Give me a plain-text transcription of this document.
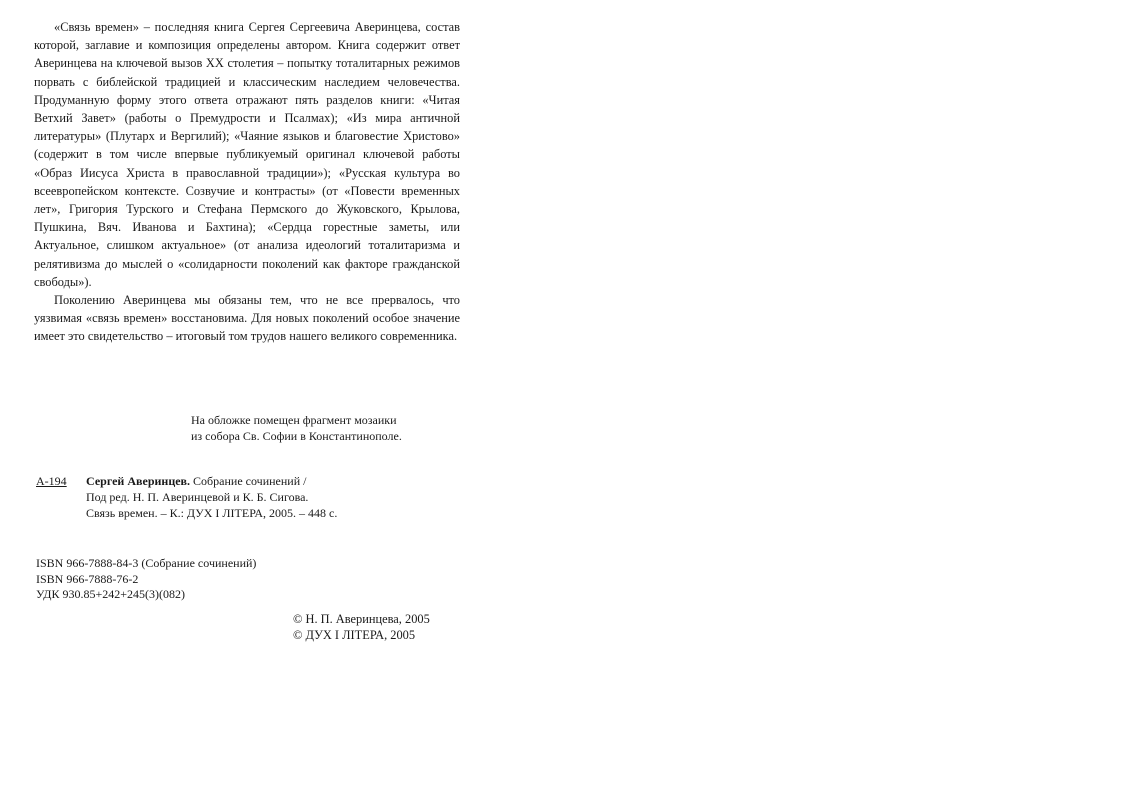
«Связь времен» – последняя книга Сергея Сергеевича Аверинцева, состав которой, заглавие и композиция определены автором. Книга содержит ответ Аверинцева на ключевой вызов XX столетия – попытку тоталитарных режимов порвать с библейской традицией и классическим наследием человечества. Продуманную форму этого ответа отражают пять разделов книги: «Читая Ветхий Завет» (работы о Премудрости и Псалмах); «Из мира античной литературы» (Плутарх и Вергилий); «Чаяние языков и благовестие Христово» (содержит в том числе впервые публикуемый оригинал ключевой работы «Образ Иисуса Христа в православной традиции»); «Русская культура во всеевропейском контексте. Созвучие и контрасты» (от «Повести временных лет», Григория Турского и Стефана Пермского до Жуковского, Крылова, Пушкина, Вяч. Иванова и Бахтина); «Сердца горестные заметы, или Актуальное, слишком актуальное» (от анализа идеологий тоталитаризма и релятивизма до мыслей о «солидарности поколений как факторе гражданской свободы»).

Поколению Аверинцева мы обязаны тем, что не все прервалось, что уязвимая «связь времен» восстановима. Для новых поколений особое значение имеет это свидетельство – итоговый том трудов нашего великого современника.

На обложке помещен фрагмент мозаики
из собора Св. Софии в Константинополе.
А-194 Сергей Аверинцев. Собрание сочинений /
Под ред. Н. П. Аверинцевой и К. Б. Сигова.
Связь времен. – К.: ДУХ І ЛІТЕРА, 2005. – 448 с.
ISBN 966-7888-84-3 (Собрание сочинений)
ISBN 966-7888-76-2
УДК 930.85+242+245(3)(082)
© Н. П. Аверинцева, 2005
© ДУХ І ЛІТЕРА, 2005
